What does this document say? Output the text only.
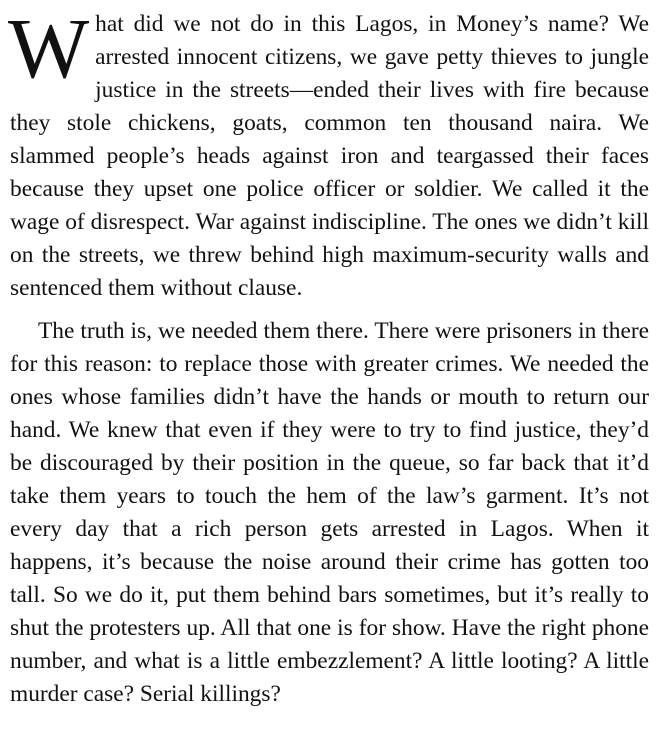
What did we not do in this Lagos, in Money’s name? We arrested innocent citizens, we gave petty thieves to jungle justice in the streets—ended their lives with fire because they stole chickens, goats, common ten thousand naira. We slammed people’s heads against iron and teargassed their faces because they upset one police officer or soldier. We called it the wage of disrespect. War against indiscipline. The ones we didn’t kill on the streets, we threw behind high maximum-security walls and sentenced them without clause.

The truth is, we needed them there. There were prisoners in there for this reason: to replace those with greater crimes. We needed the ones whose families didn’t have the hands or mouth to return our hand. We knew that even if they were to try to find justice, they’d be discouraged by their position in the queue, so far back that it’d take them years to touch the hem of the law’s garment. It’s not every day that a rich person gets arrested in Lagos. When it happens, it’s because the noise around their crime has gotten too tall. So we do it, put them behind bars sometimes, but it’s really to shut the protesters up. All that one is for show. Have the right phone number, and what is a little embezzlement? A little looting? A little murder case? Serial killings?
